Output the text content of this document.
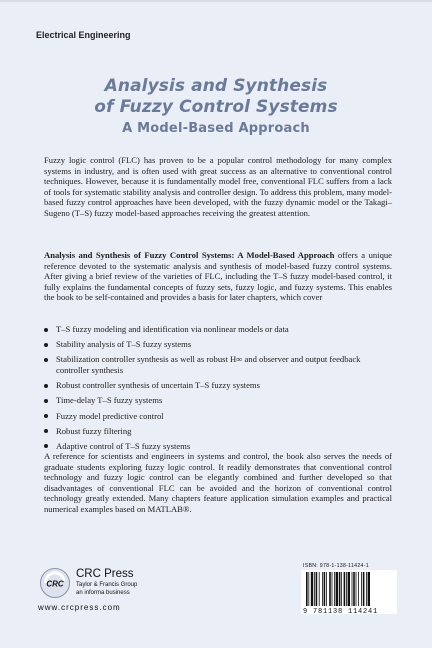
Electrical Engineering
Analysis and Synthesis
of Fuzzy Control Systems
A Model-Based Approach
Fuzzy logic control (FLC) has proven to be a popular control methodology for many complex systems in industry, and is often used with great success as an alternative to conventional control techniques. However, because it is fundamentally model free, conventional FLC suffers from a lack of tools for systematic stability analysis and controller design. To address this problem, many model-based fuzzy control approaches have been developed, with the fuzzy dynamic model or the Takagi–Sugeno (T–S) fuzzy model-based approaches receiving the greatest attention.
Analysis and Synthesis of Fuzzy Control Systems: A Model-Based Approach offers a unique reference devoted to the systematic analysis and synthesis of model-based fuzzy control systems. After giving a brief review of the varieties of FLC, including the T–S fuzzy model-based control, it fully explains the fundamental concepts of fuzzy sets, fuzzy logic, and fuzzy systems. This enables the book to be self-contained and provides a basis for later chapters, which cover
T–S fuzzy modeling and identification via nonlinear models or data
Stability analysis of T–S fuzzy systems
Stabilization controller synthesis as well as robust H∞ and observer and output feedback controller synthesis
Robust controller synthesis of uncertain T–S fuzzy systems
Time-delay T–S fuzzy systems
Fuzzy model predictive control
Robust fuzzy filtering
Adaptive control of T–S fuzzy systems
A reference for scientists and engineers in systems and control, the book also serves the needs of graduate students exploring fuzzy logic control. It readily demonstrates that conventional control technology and fuzzy logic control can be elegantly combined and further developed so that disadvantages of conventional FLC can be avoided and the horizon of conventional control technology greatly extended. Many chapters feature application simulation examples and practical numerical examples based on MATLAB®.
CRC
CRC Press
Taylor & Francis Group
an informa business
www.crcpress.com
ISBN: 978-1-138-11424-1
9 781138 114241
